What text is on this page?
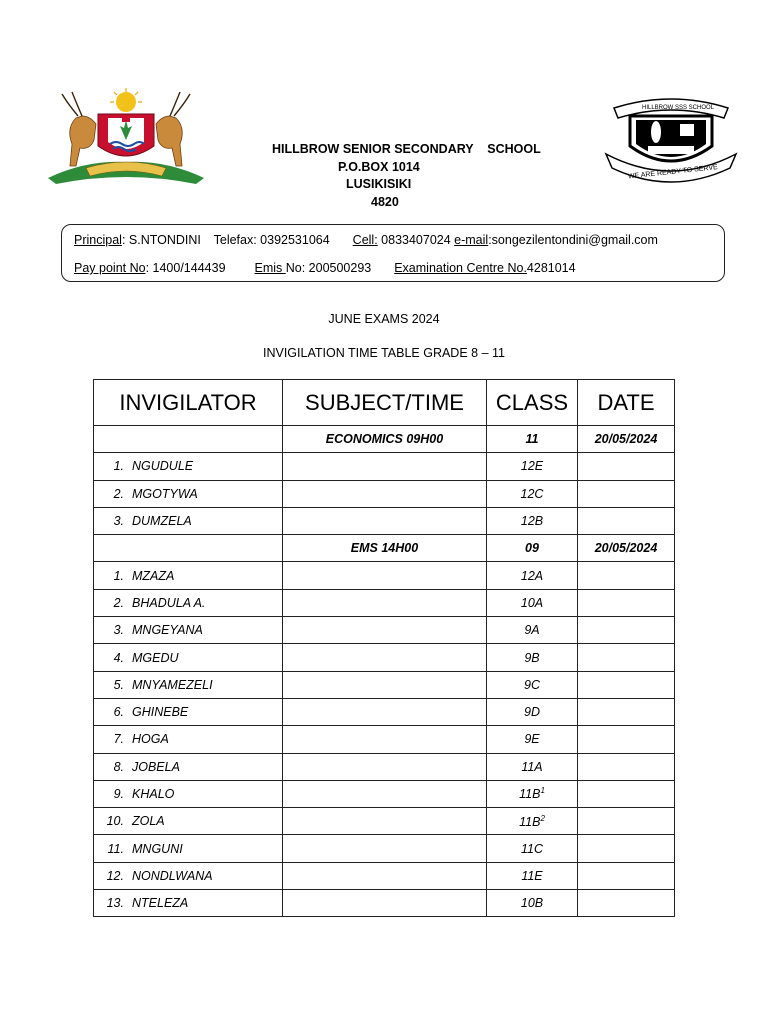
HILLBROW SSS SCHOOL
WE ARE READY TO SERVE
HILLBROW SENIOR SECONDARY    SCHOOL
P.O.BOX 1014
LUSIKISIKI
4820
Principal: S.NTONDINI Telefax: 0392531064 Cell: 0833407024 e-mail:songezilentondini@gmail.com
Pay point No: 1400/144439 Emis No: 200500293 Examination Centre No.4281014
JUNE EXAMS 2024
INVIGILATION TIME TABLE GRADE 8 – 11
INVIGILATOR	SUBJECT/TIME	CLASS	DATE
	ECONOMICS 09H00	11	20/05/2024
1. NGUDULE		12E	
2. MGOTYWA		12C	
3. DUMZELA		12B	
	EMS 14H00	09	20/05/2024
1. MZAZA		12A	
2. BHADULA A.		10A	
3. MNGEYANA		9A	
4. MGEDU		9B	
5. MNYAMEZELI		9C	
6. GHINEBE		9D	
7. HOGA		9E	
8. JOBELA		11A	
9. KHALO		$11B^1$	
10. ZOLA		$11B^2$	
11. MNGUNI		11C	
12. NONDLWANA		11E	
13. NTELEZA		10B	
